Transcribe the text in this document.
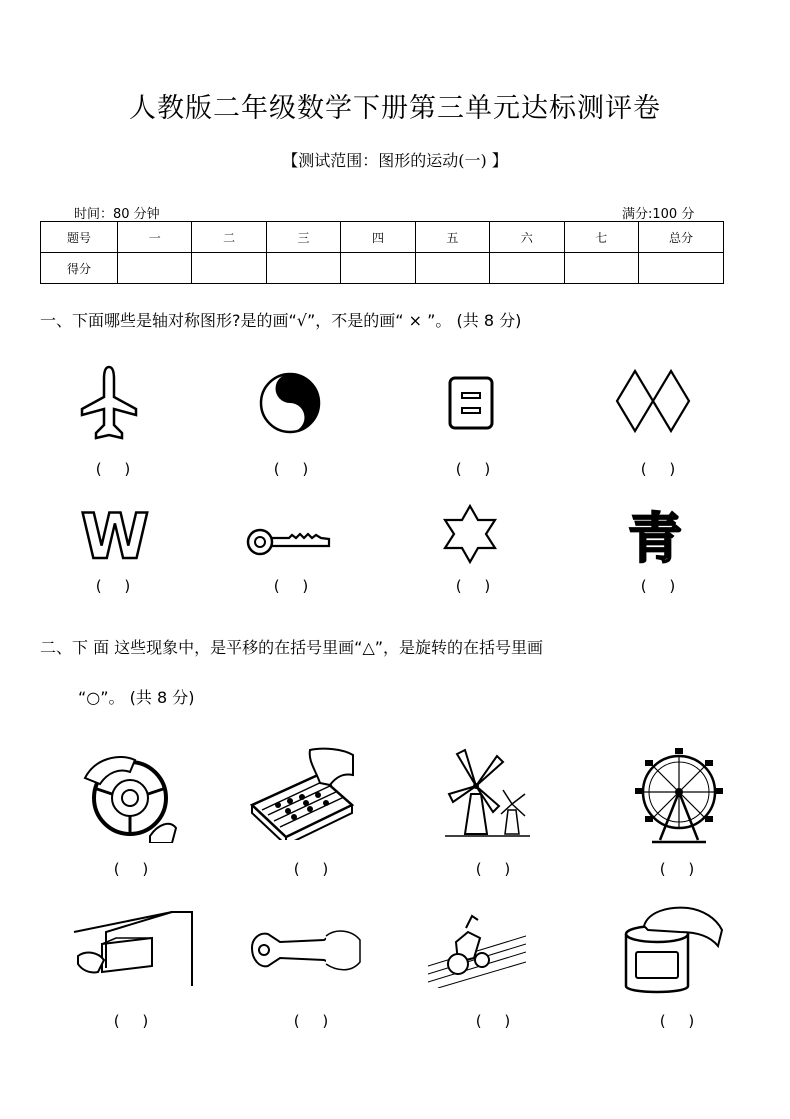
人教版二年级数学下册第三单元达标测评卷
【测试范围：图形的运动(一) 】
时间：80 分钟	满分:100 分
题号	一	二	三	四	五	六	七	总分
得分								
一、下面哪些是轴对称图形?是的画“√”，不是的画“ × ”。 (共 8 分)
( )	( )	( )	( )
W	青
( )	( )	( )	( )
二、下 面 这些现象中，是平移的在括号里画“△”，是旋转的在括号里画
“○”。 (共 8 分)
( )	( )	( )	( )
( )	( )	( )	( )
